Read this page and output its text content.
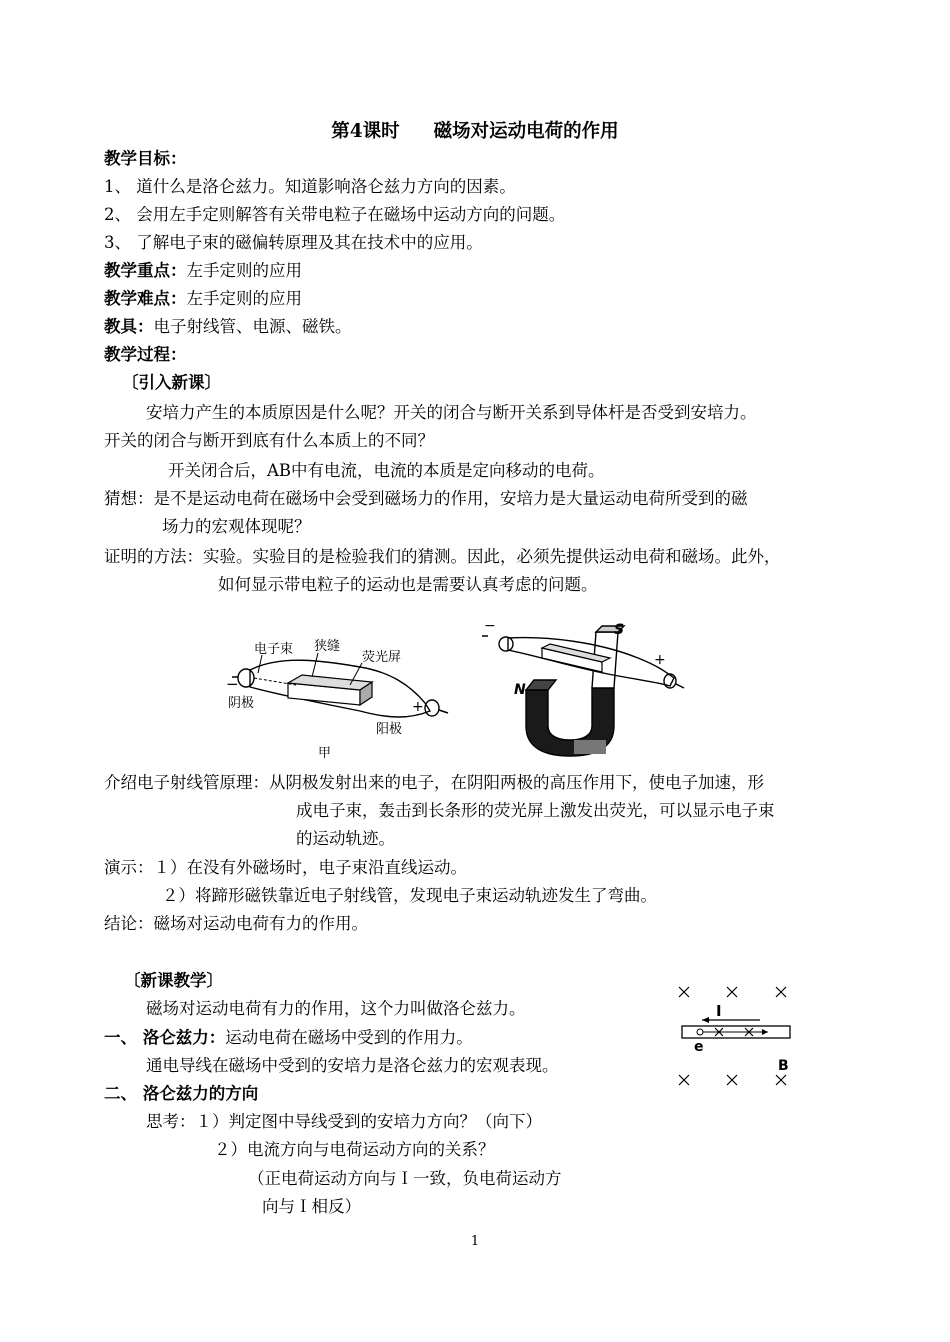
第4课时 磁场对运动电荷的作用
教学目标：
1、 道什么是洛仑兹力。知道影响洛仑兹力方向的因素。
2、 会用左手定则解答有关带电粒子在磁场中运动方向的问题。
3、 了解电子束的磁偏转原理及其在技术中的应用。
教学重点：左手定则的应用
教学难点：左手定则的应用
教具：电子射线管、电源、磁铁。
教学过程：
〔引入新课〕
安培力产生的本质原因是什么呢？开关的闭合与断开关系到导体杆是否受到安培力。
开关的闭合与断开到底有什么本质上的不同？
开关闭合后，AB中有电流，电流的本质是定向移动的电荷。
猜想：是不是运动电荷在磁场中会受到磁场力的作用，安培力是大量运动电荷所受到的磁
场力的宏观体现呢？
证明的方法：实验。实验目的是检验我们的猜测。因此，必须先提供运动电荷和磁场。此外，
如何显示带电粒子的运动也是需要认真考虑的问题。
电子束 狭缝
荧光屏
−
阴极	+
阳极
甲
−
+
S
N
介绍电子射线管原理：从阴极发射出来的电子，在阴阳两极的高压作用下，使电子加速，形
成电子束，轰击到长条形的荧光屏上激发出荧光，可以显示电子束
的运动轨迹。
演示：１）在没有外磁场时，电子束沿直线运动。
２）将蹄形磁铁靠近电子射线管，发现电子束运动轨迹发生了弯曲。
结论：磁场对运动电荷有力的作用。
〔新课教学〕
磁场对运动电荷有力的作用，这个力叫做洛仑兹力。
一、 洛仑兹力：运动电荷在磁场中受到的作用力。
通电导线在磁场中受到的安培力是洛仑兹力的宏观表现。
二、 洛仑兹力的方向
思考：１）判定图中导线受到的安培力方向？（向下）
２）电流方向与电荷运动方向的关系？
（正电荷运动方向与Ｉ一致，负电荷运动方
向与Ｉ相反）
I
e
B
1
